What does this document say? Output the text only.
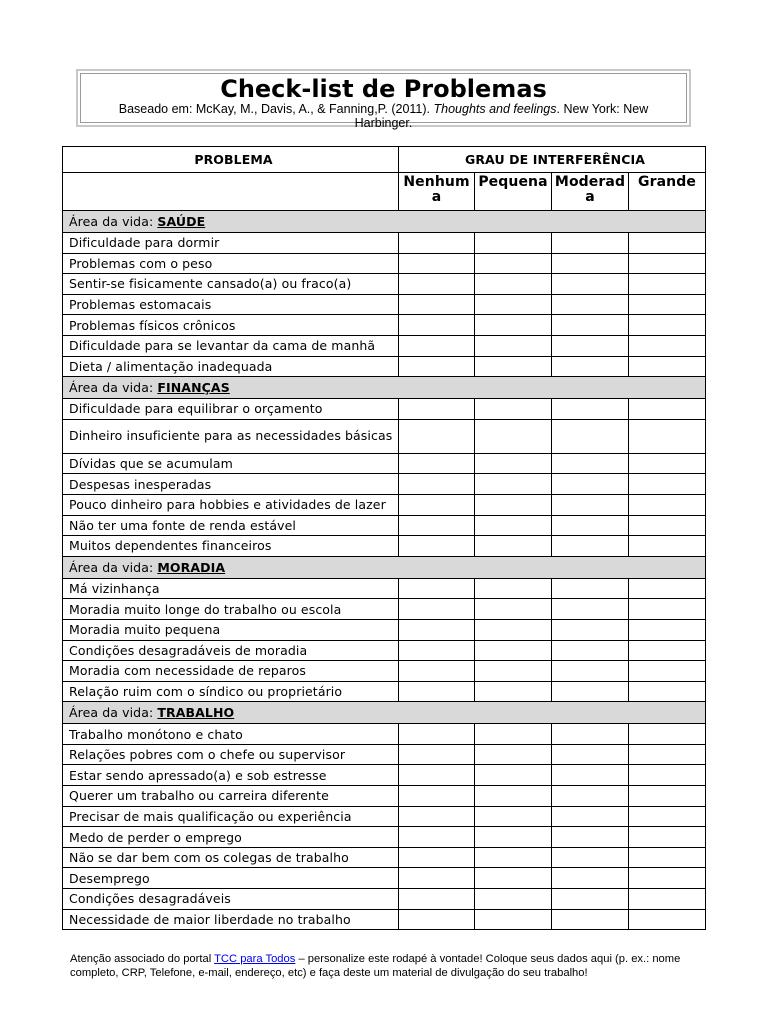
Check-list de Problemas
Baseado em: McKay, M., Davis, A., & Fanning,P. (2011). Thoughts and feelings. New York: New Harbinger.
PROBLEMA	GRAU DE INTERFERÊNCIA			
	Nenhuma	Pequena	Moderada	Grande
Área da vida: SAÚDE				
Dificuldade para dormir				
Problemas com o peso				
Sentir-se fisicamente cansado(a) ou fraco(a)				
Problemas estomacais				
Problemas físicos crônicos				
Dificuldade para se levantar da cama de manhã				
Dieta / alimentação inadequada				
Área da vida: FINANÇAS				
Dificuldade para equilibrar o orçamento				
Dinheiro insuficiente para as necessidades básicas				
Dívidas que se acumulam				
Despesas inesperadas				
Pouco dinheiro para hobbies e atividades de lazer				
Não ter uma fonte de renda estável				
Muitos dependentes financeiros				
Área da vida: MORADIA				
Má vizinhança				
Moradia muito longe do trabalho ou escola				
Moradia muito pequena				
Condições desagradáveis de moradia				
Moradia com necessidade de reparos				
Relação ruim com o síndico ou proprietário				
Área da vida: TRABALHO				
Trabalho monótono e chato				
Relações pobres com o chefe ou supervisor				
Estar sendo apressado(a) e sob estresse				
Querer um trabalho ou carreira diferente				
Precisar de mais qualificação ou experiência				
Medo de perder o emprego				
Não se dar bem com os colegas de trabalho				
Desemprego				
Condições desagradáveis				
Necessidade de maior liberdade no trabalho				
Atenção associado do portal TCC para Todos – personalize este rodapé à vontade! Coloque seus dados aqui (p. ex.: nome completo, CRP, Telefone, e-mail, endereço, etc) e faça deste um material de divulgação do seu trabalho!
